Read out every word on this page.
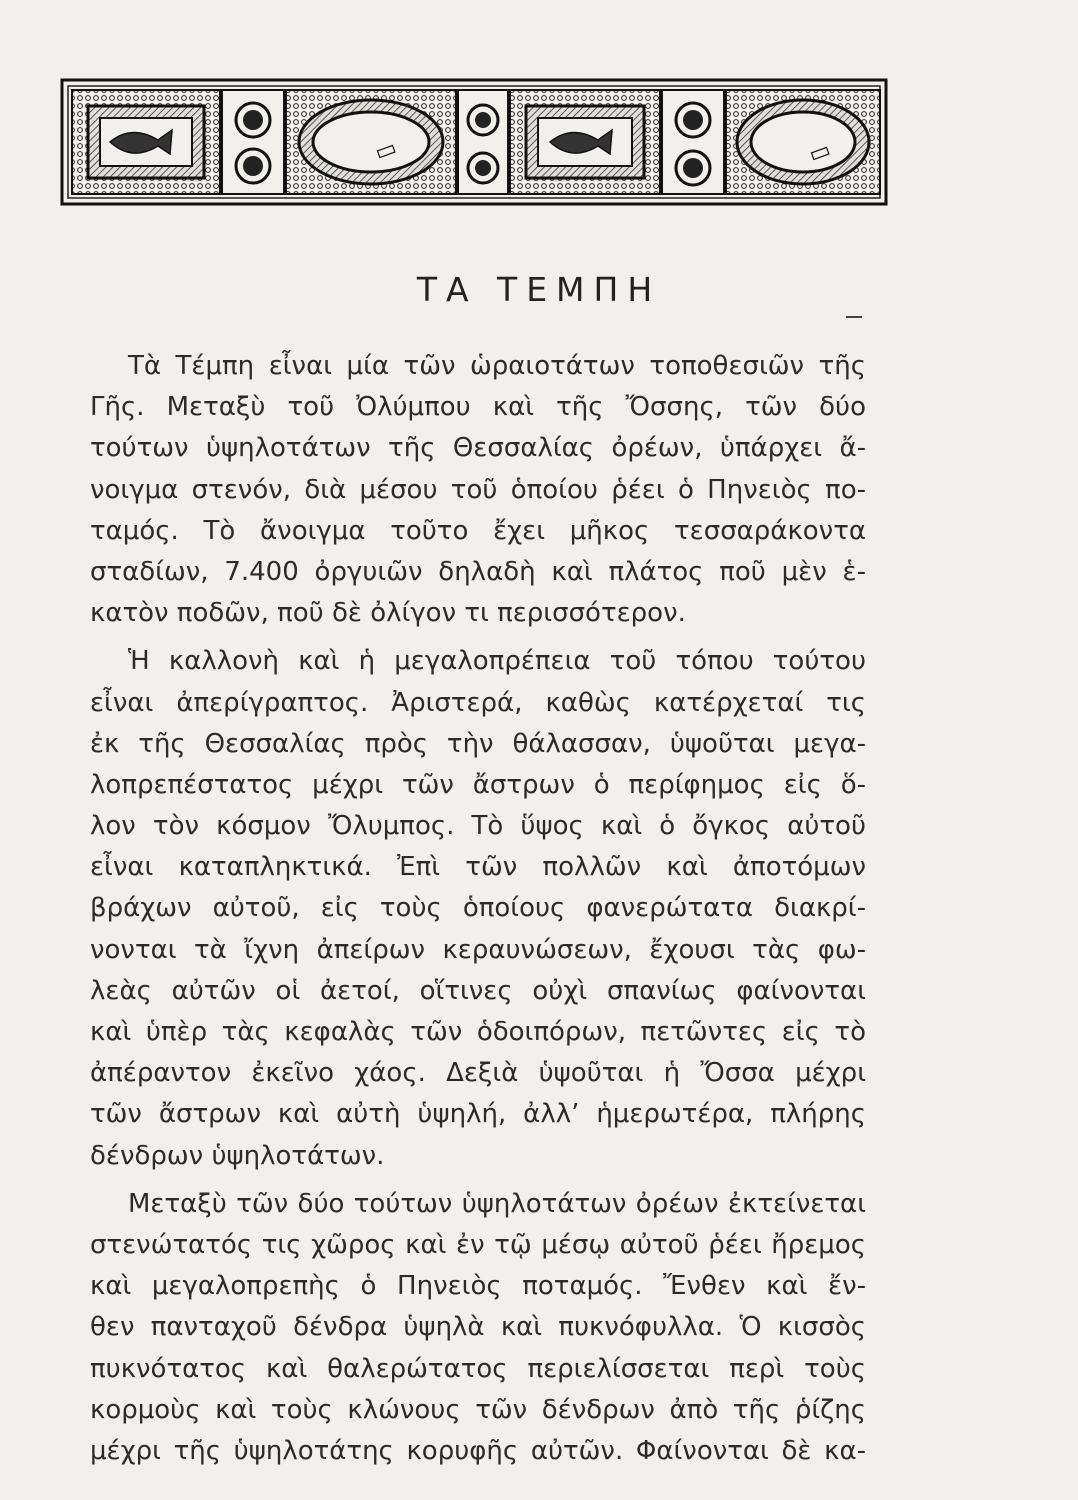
ΤΑ ΤΕΜΠΗ
Τὰ Τέμπη εἶναι μία τῶν ὡραιοτάτων τοποθεσιῶν τῆς
Γῆς. Μεταξὺ τοῦ Ὀλύμπου καὶ τῆς Ὄσσης, τῶν δύο
τούτων ὑψηλοτάτων τῆς Θεσσαλίας ὀρέων, ὑπάρχει ἄ-
νοιγμα στενόν, διὰ μέσου τοῦ ὁποίου ῥέει ὁ Πηνειὸς πο-
ταμός. Τὸ ἄνοιγμα τοῦτο ἔχει μῆκος τεσσαράκοντα
σταδίων, 7.400 ὀργυιῶν δηλαδὴ καὶ πλάτος ποῦ μὲν ἑ-
κατὸν ποδῶν, ποῦ δὲ ὀλίγον τι περισσότερον.
Ἡ καλλονὴ καὶ ἡ μεγαλοπρέπεια τοῦ τόπου τούτου
εἶναι ἀπερίγραπτος. Ἀριστερά, καθὼς κατέρχεταί τις
ἐκ τῆς Θεσσαλίας πρὸς τὴν θάλασσαν, ὑψοῦται μεγα-
λοπρεπέστατος μέχρι τῶν ἄστρων ὁ περίφημος εἰς ὅ-
λον τὸν κόσμον Ὄλυμπος. Τὸ ὕψος καὶ ὁ ὄγκος αὐτοῦ
εἶναι καταπληκτικά. Ἐπὶ τῶν πολλῶν καὶ ἀποτόμων
βράχων αὐτοῦ, εἰς τοὺς ὁποίους φανερώτατα διακρί-
νονται τὰ ἴχνη ἀπείρων κεραυνώσεων, ἔχουσι τὰς φω-
λεὰς αὐτῶν οἱ ἀετοί, οἵτινες οὐχὶ σπανίως φαίνονται
καὶ ὑπὲρ τὰς κεφαλὰς τῶν ὁδοιπόρων, πετῶντες εἰς τὸ
ἀπέραντον ἐκεῖνο χάος. Δεξιὰ ὑψοῦται ἡ Ὄσσα μέχρι
τῶν ἄστρων καὶ αὐτὴ ὑψηλή, ἀλλ’ ἡμερωτέρα, πλήρης
δένδρων ὑψηλοτάτων.
Μεταξὺ τῶν δύο τούτων ὑψηλοτάτων ὀρέων ἐκτείνεται
στενώτατός τις χῶρος καὶ ἐν τῷ μέσῳ αὐτοῦ ῥέει ἤρεμος
καὶ μεγαλοπρεπὴς ὁ Πηνειὸς ποταμός. Ἔνθεν καὶ ἔν-
θεν πανταχοῦ δένδρα ὑψηλὰ καὶ πυκνόφυλλα. Ὁ κισσὸς
πυκνότατος καὶ θαλερώτατος περιελίσσεται περὶ τοὺς
κορμοὺς καὶ τοὺς κλώνους τῶν δένδρων ἀπὸ τῆς ῥίζης
μέχρι τῆς ὑψηλοτάτης κορυφῆς αὐτῶν. Φαίνονται δὲ κα-
